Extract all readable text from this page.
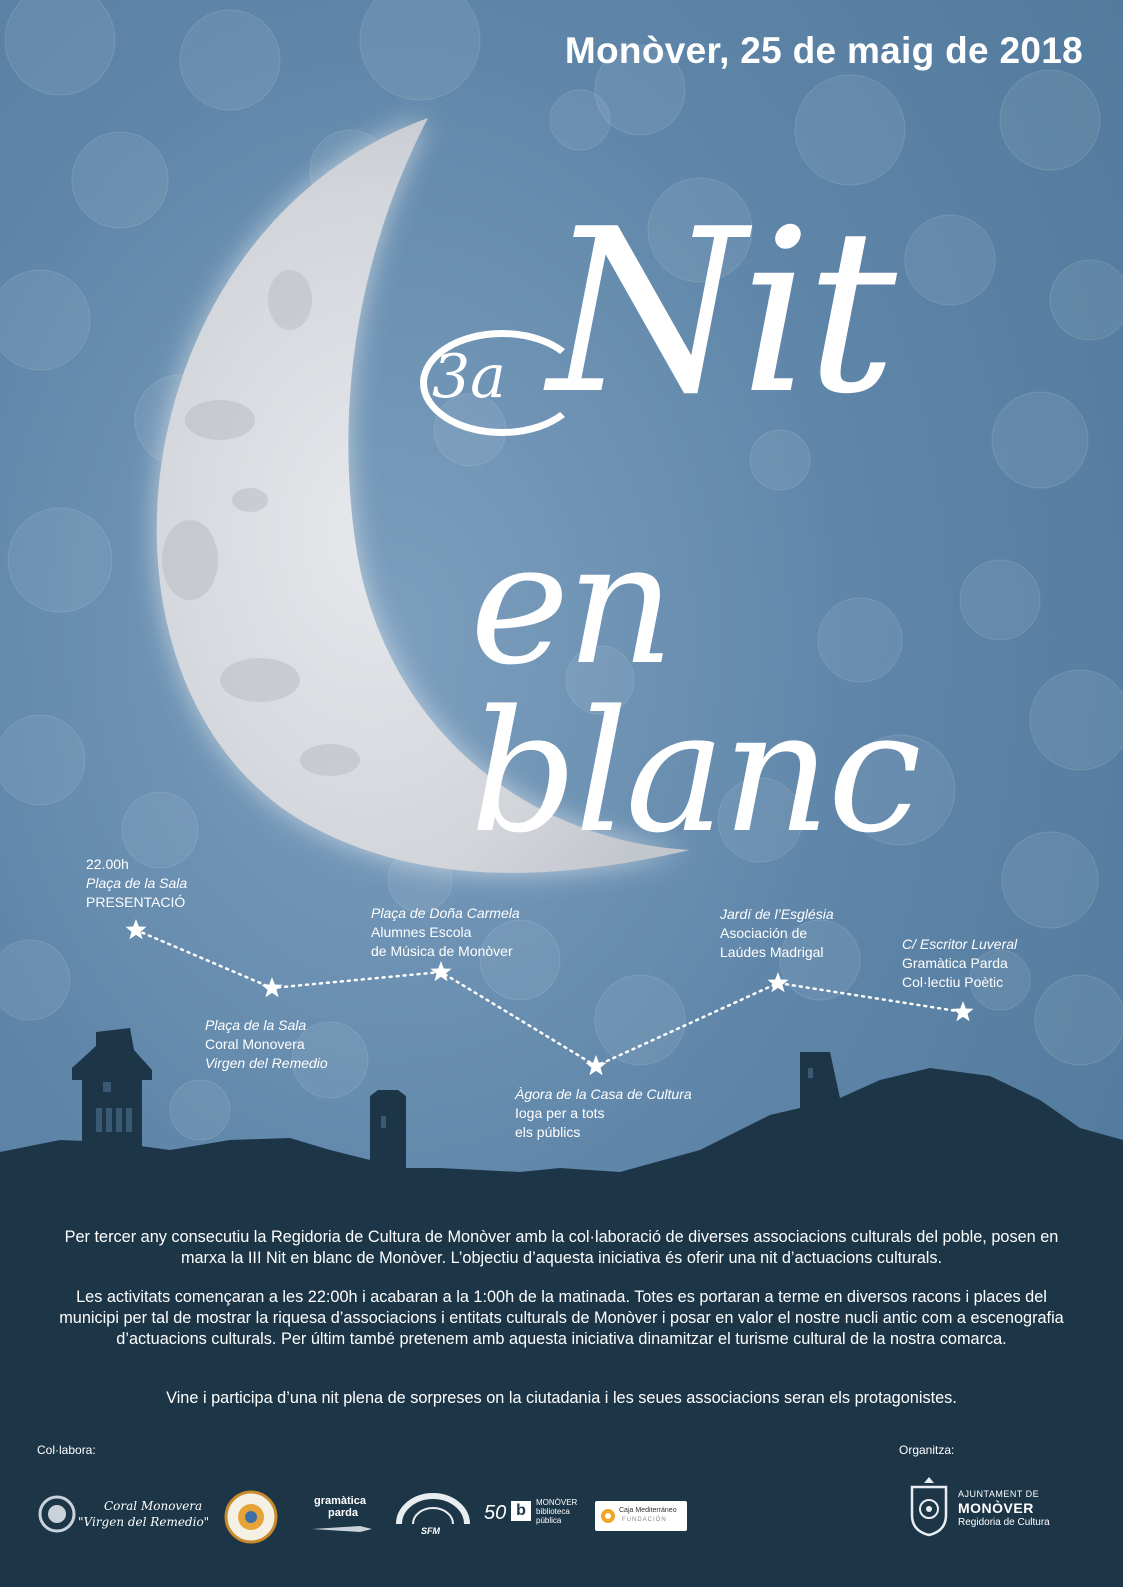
Monòver, 25 de maig de 2018
3a Nit
en blanc
22.00h
Plaça de la Sala
PRESENTACIÓ
Plaça de la Sala
Coral Monovera
Virgen del Remedio
Plaça de Doña Carmela
Alumnes Escola
de Música de Monòver
Àgora de la Casa de Cultura
Ioga per a tots
els públics
Jardí de l’Església
Asociación de
Laúdes Madrigal	C/ Escritor Luveral
Gramàtica Parda
Col·lectiu Poètic
Per tercer any consecutiu la Regidoria de Cultura de Monòver amb la col·laboració de diverses associacions culturals del poble, posen en marxa la III Nit en blanc de Monòver. L’objectiu d’aquesta iniciativa és oferir una nit d’actuacions culturals.
Les activitats començaran a les 22:00h i acabaran a la 1:00h de la matinada. Totes es portaran a terme en diversos racons i places del municipi per tal de mostrar la riquesa d’associacions i entitats culturals de Monòver i posar en valor el nostre nucli antic com a escenografia d’actuacions culturals. Per últim també pretenem amb aquesta iniciativa dinamitzar el turisme cultural de la nostra comarca.
Vine i participa d’una nit plena de sorpreses on la ciutadania i les seues associacions seran els protagonistes.
Col·labora:	Organitza:
Coral Monovera
"Virgen del Remedio"
gramàtica
parda
SFM
50 b	MONÒVER
biblioteca
pública
Caja Mediterráneo
FUNDACIÓN
AJUNTAMENT DE
MONÒVER
Regidoria de Cultura
